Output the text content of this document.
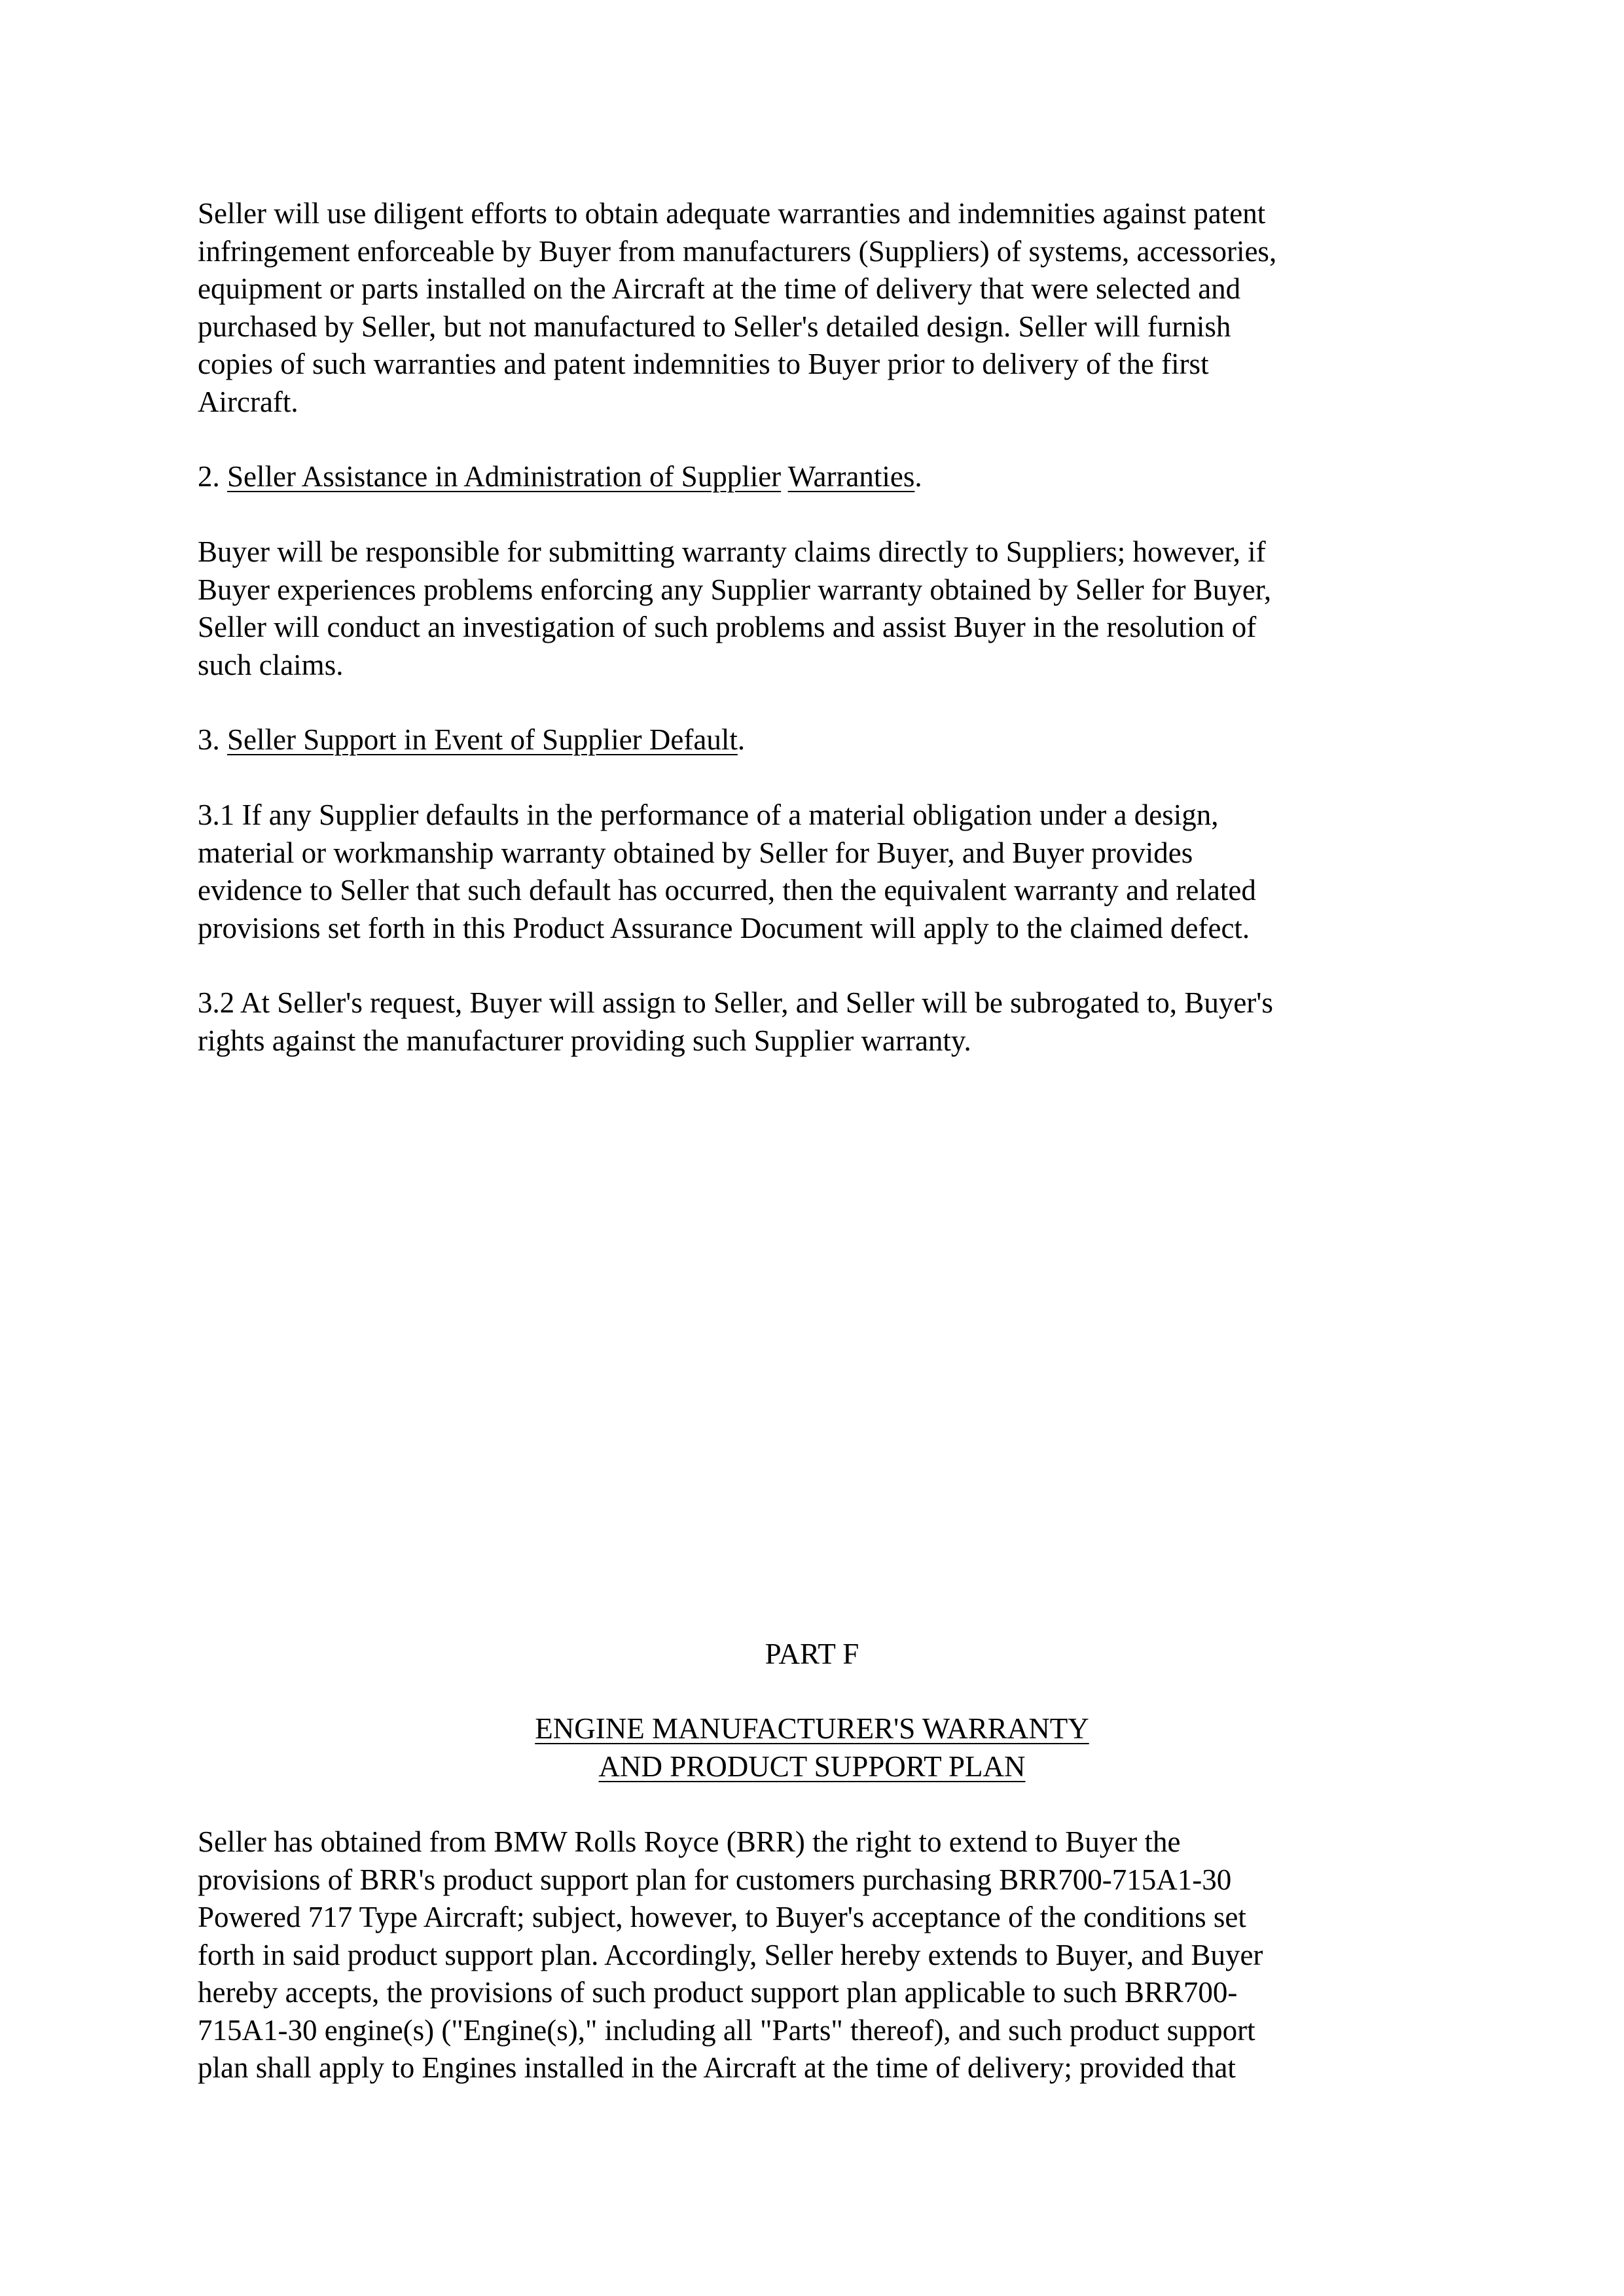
Seller will use diligent efforts to obtain adequate warranties and indemnities against patent

infringement enforceable by Buyer from manufacturers (Suppliers) of systems, accessories,

equipment or parts installed on the Aircraft at the time of delivery that were selected and

purchased by Seller, but not manufactured to Seller's detailed design. Seller will furnish

copies of such warranties and patent indemnities to Buyer prior to delivery of the first

Aircraft.

2. Seller Assistance in Administration of Supplier Warranties.

Buyer will be responsible for submitting warranty claims directly to Suppliers; however, if

Buyer experiences problems enforcing any Supplier warranty obtained by Seller for Buyer,

Seller will conduct an investigation of such problems and assist Buyer in the resolution of

such claims.

3. Seller Support in Event of Supplier Default.

3.1 If any Supplier defaults in the performance of a material obligation under a design,

material or workmanship warranty obtained by Seller for Buyer, and Buyer provides

evidence to Seller that such default has occurred, then the equivalent warranty and related

provisions set forth in this Product Assurance Document will apply to the claimed defect.

3.2 At Seller's request, Buyer will assign to Seller, and Seller will be subrogated to, Buyer's

rights against the manufacturer providing such Supplier warranty.

PART F

ENGINE MANUFACTURER'S WARRANTY

AND PRODUCT SUPPORT PLAN

Seller has obtained from BMW Rolls Royce (BRR) the right to extend to Buyer the

provisions of BRR's product support plan for customers purchasing BRR700-715A1-30

Powered 717 Type Aircraft; subject, however, to Buyer's acceptance of the conditions set

forth in said product support plan. Accordingly, Seller hereby extends to Buyer, and Buyer

hereby accepts, the provisions of such product support plan applicable to such BRR700-

715A1-30 engine(s) ("Engine(s)," including all "Parts" thereof), and such product support

plan shall apply to Engines installed in the Aircraft at the time of delivery; provided that
